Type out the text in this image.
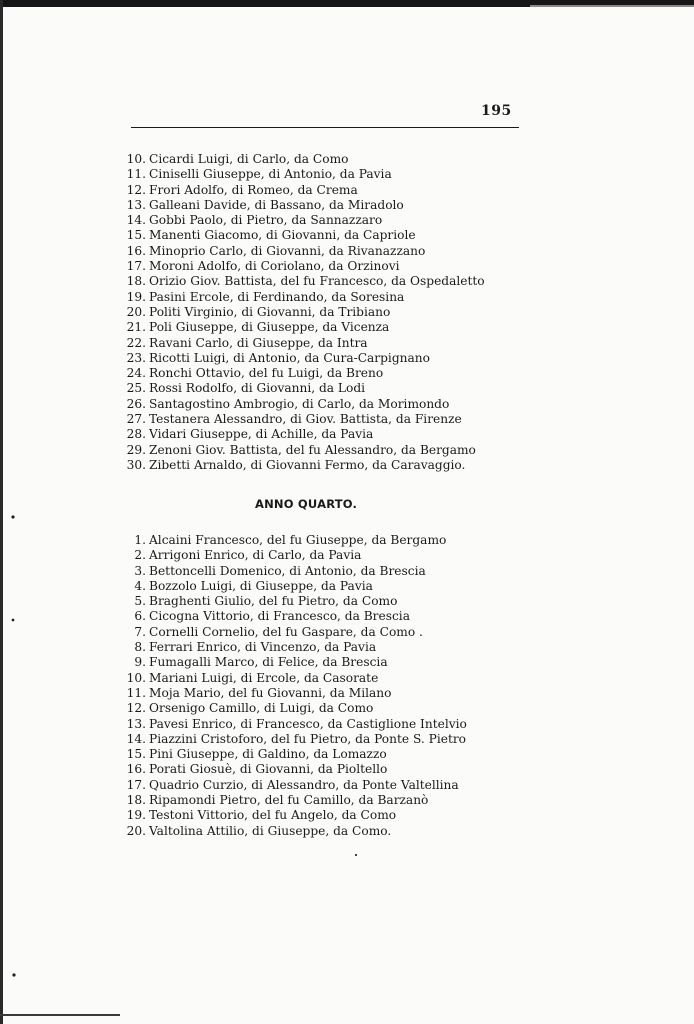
195
10. Cicardi Luigi, di Carlo, da Como
11. Ciniselli Giuseppe, di Antonio, da Pavia
12. Frori Adolfo, di Romeo, da Crema
13. Galleani Davide, di Bassano, da Miradolo
14. Gobbi Paolo, di Pietro, da Sannazzaro
15. Manenti Giacomo, di Giovanni, da Capriole
16. Minoprio Carlo, di Giovanni, da Rivanazzano
17. Moroni Adolfo, di Coriolano, da Orzinovi
18. Orizio Giov. Battista, del fu Francesco, da Ospedaletto
19. Pasini Ercole, di Ferdinando, da Soresina
20. Politi Virginio, di Giovanni, da Tribiano
21. Poli Giuseppe, di Giuseppe, da Vicenza
22. Ravani Carlo, di Giuseppe, da Intra
23. Ricotti Luigi, di Antonio, da Cura-Carpignano
24. Ronchi Ottavio, del fu Luigi, da Breno
25. Rossi Rodolfo, di Giovanni, da Lodi
26. Santagostino Ambrogio, di Carlo, da Morimondo
27. Testanera Alessandro, di Giov. Battista, da Firenze
28. Vidari Giuseppe, di Achille, da Pavia
29. Zenoni Giov. Battista, del fu Alessandro, da Bergamo
30. Zibetti Arnaldo, di Giovanni Fermo, da Caravaggio.
ANNO QUARTO.
1. Alcaini Francesco, del fu Giuseppe, da Bergamo
2. Arrigoni Enrico, di Carlo, da Pavia
3. Bettoncelli Domenico, di Antonio, da Brescia
4. Bozzolo Luigi, di Giuseppe, da Pavia
5. Braghenti Giulio, del fu Pietro, da Como
6. Cicogna Vittorio, di Francesco, da Brescia
7. Cornelli Cornelio, del fu Gaspare, da Como .
8. Ferrari Enrico, di Vincenzo, da Pavia
9. Fumagalli Marco, di Felice, da Brescia
10. Mariani Luigi, di Ercole, da Casorate
11. Moja Mario, del fu Giovanni, da Milano
12. Orsenigo Camillo, di Luigi, da Como
13. Pavesi Enrico, di Francesco, da Castiglione Intelvio
14. Piazzini Cristoforo, del fu Pietro, da Ponte S. Pietro
15. Pini Giuseppe, di Galdino, da Lomazzo
16. Porati Giosuè, di Giovanni, da Pioltello
17. Quadrio Curzio, di Alessandro, da Ponte Valtellina
18. Ripamondi Pietro, del fu Camillo, da Barzanò
19. Testoni Vittorio, del fu Angelo, da Como
20. Valtolina Attilio, di Giuseppe, da Como.
